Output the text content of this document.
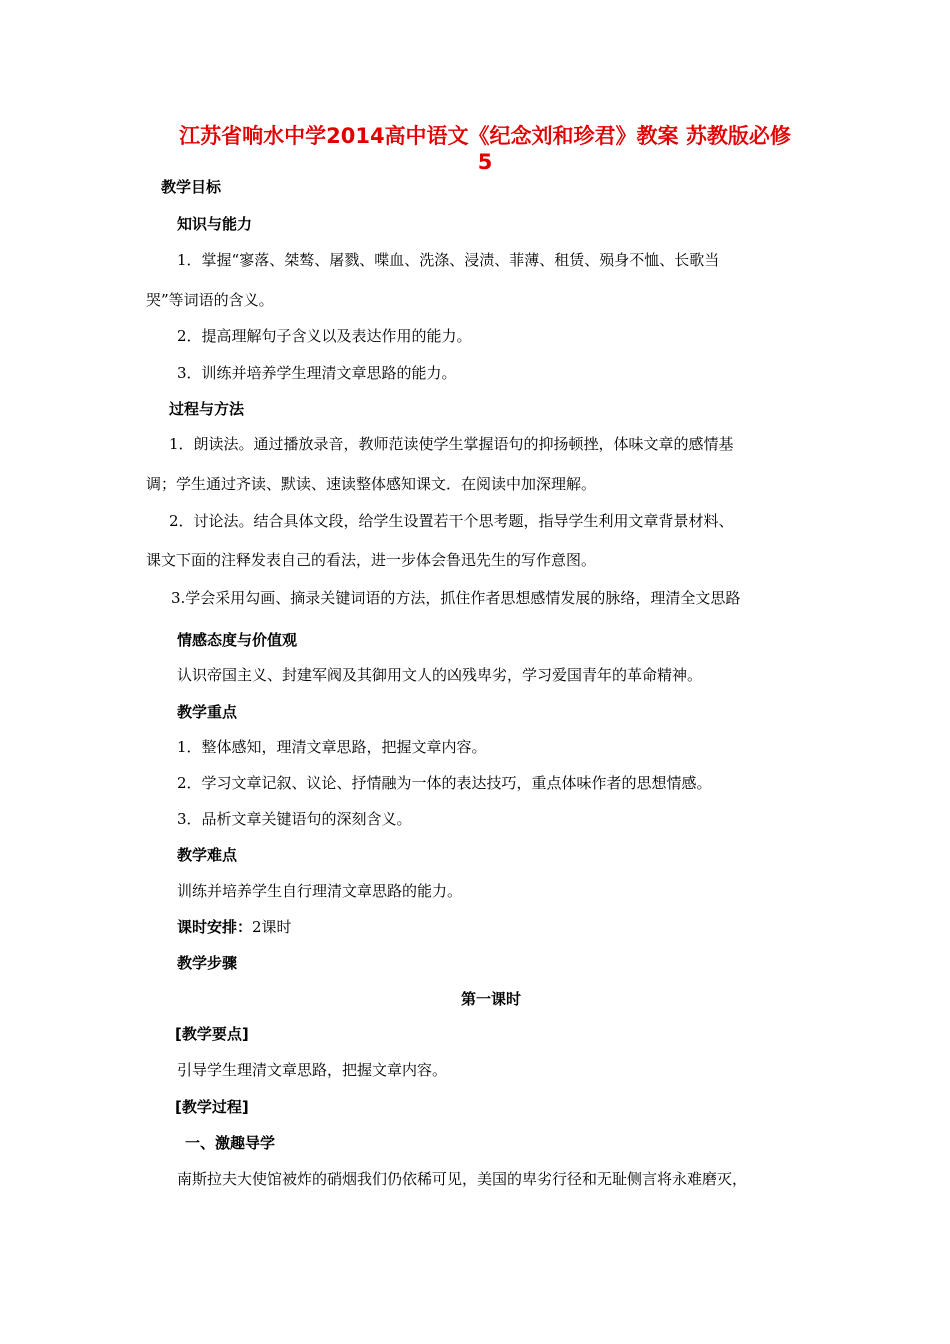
江苏省响水中学2014高中语文《纪念刘和珍君》教案 苏教版必修
5
教学目标
知识与能力
1．掌握“寥落、桀骜、屠戮、喋血、洗涤、浸渍、菲薄、租赁、殒身不恤、长歌当
哭”等词语的含义。
2．提高理解句子含义以及表达作用的能力。
3．训练并培养学生理清文章思路的能力。
过程与方法
1．朗读法。通过播放录音，教师范读使学生掌握语句的抑扬顿挫，体味文章的感情基
调；学生通过齐读、默读、速读整体感知课文．在阅读中加深理解。
2．讨论法。结合具体文段，给学生设置若干个思考题，指导学生利用文章背景材料、
课文下面的注释发表自己的看法，进一步体会鲁迅先生的写作意图。
3.学会采用勾画、摘录关键词语的方法，抓住作者思想感情发展的脉络，理清全文思路
情感态度与价值观
认识帝国主义、封建军阀及其御用文人的凶残卑劣，学习爱国青年的革命精神。
教学重点
1．整体感知，理清文章思路，把握文章内容。
2．学习文章记叙、议论、抒情融为一体的表达技巧，重点体味作者的思想情感。
3．品析文章关键语句的深刻含义。
教学难点
训练并培养学生自行理清文章思路的能力。
课时安排：2课时
教学步骤
第一课时
[教学要点]
引导学生理清文章思路，把握文章内容。
[教学过程]
一、激趣导学
南斯拉夫大使馆被炸的硝烟我们仍依稀可见，美国的卑劣行径和无耻侧言将永难磨灭，
